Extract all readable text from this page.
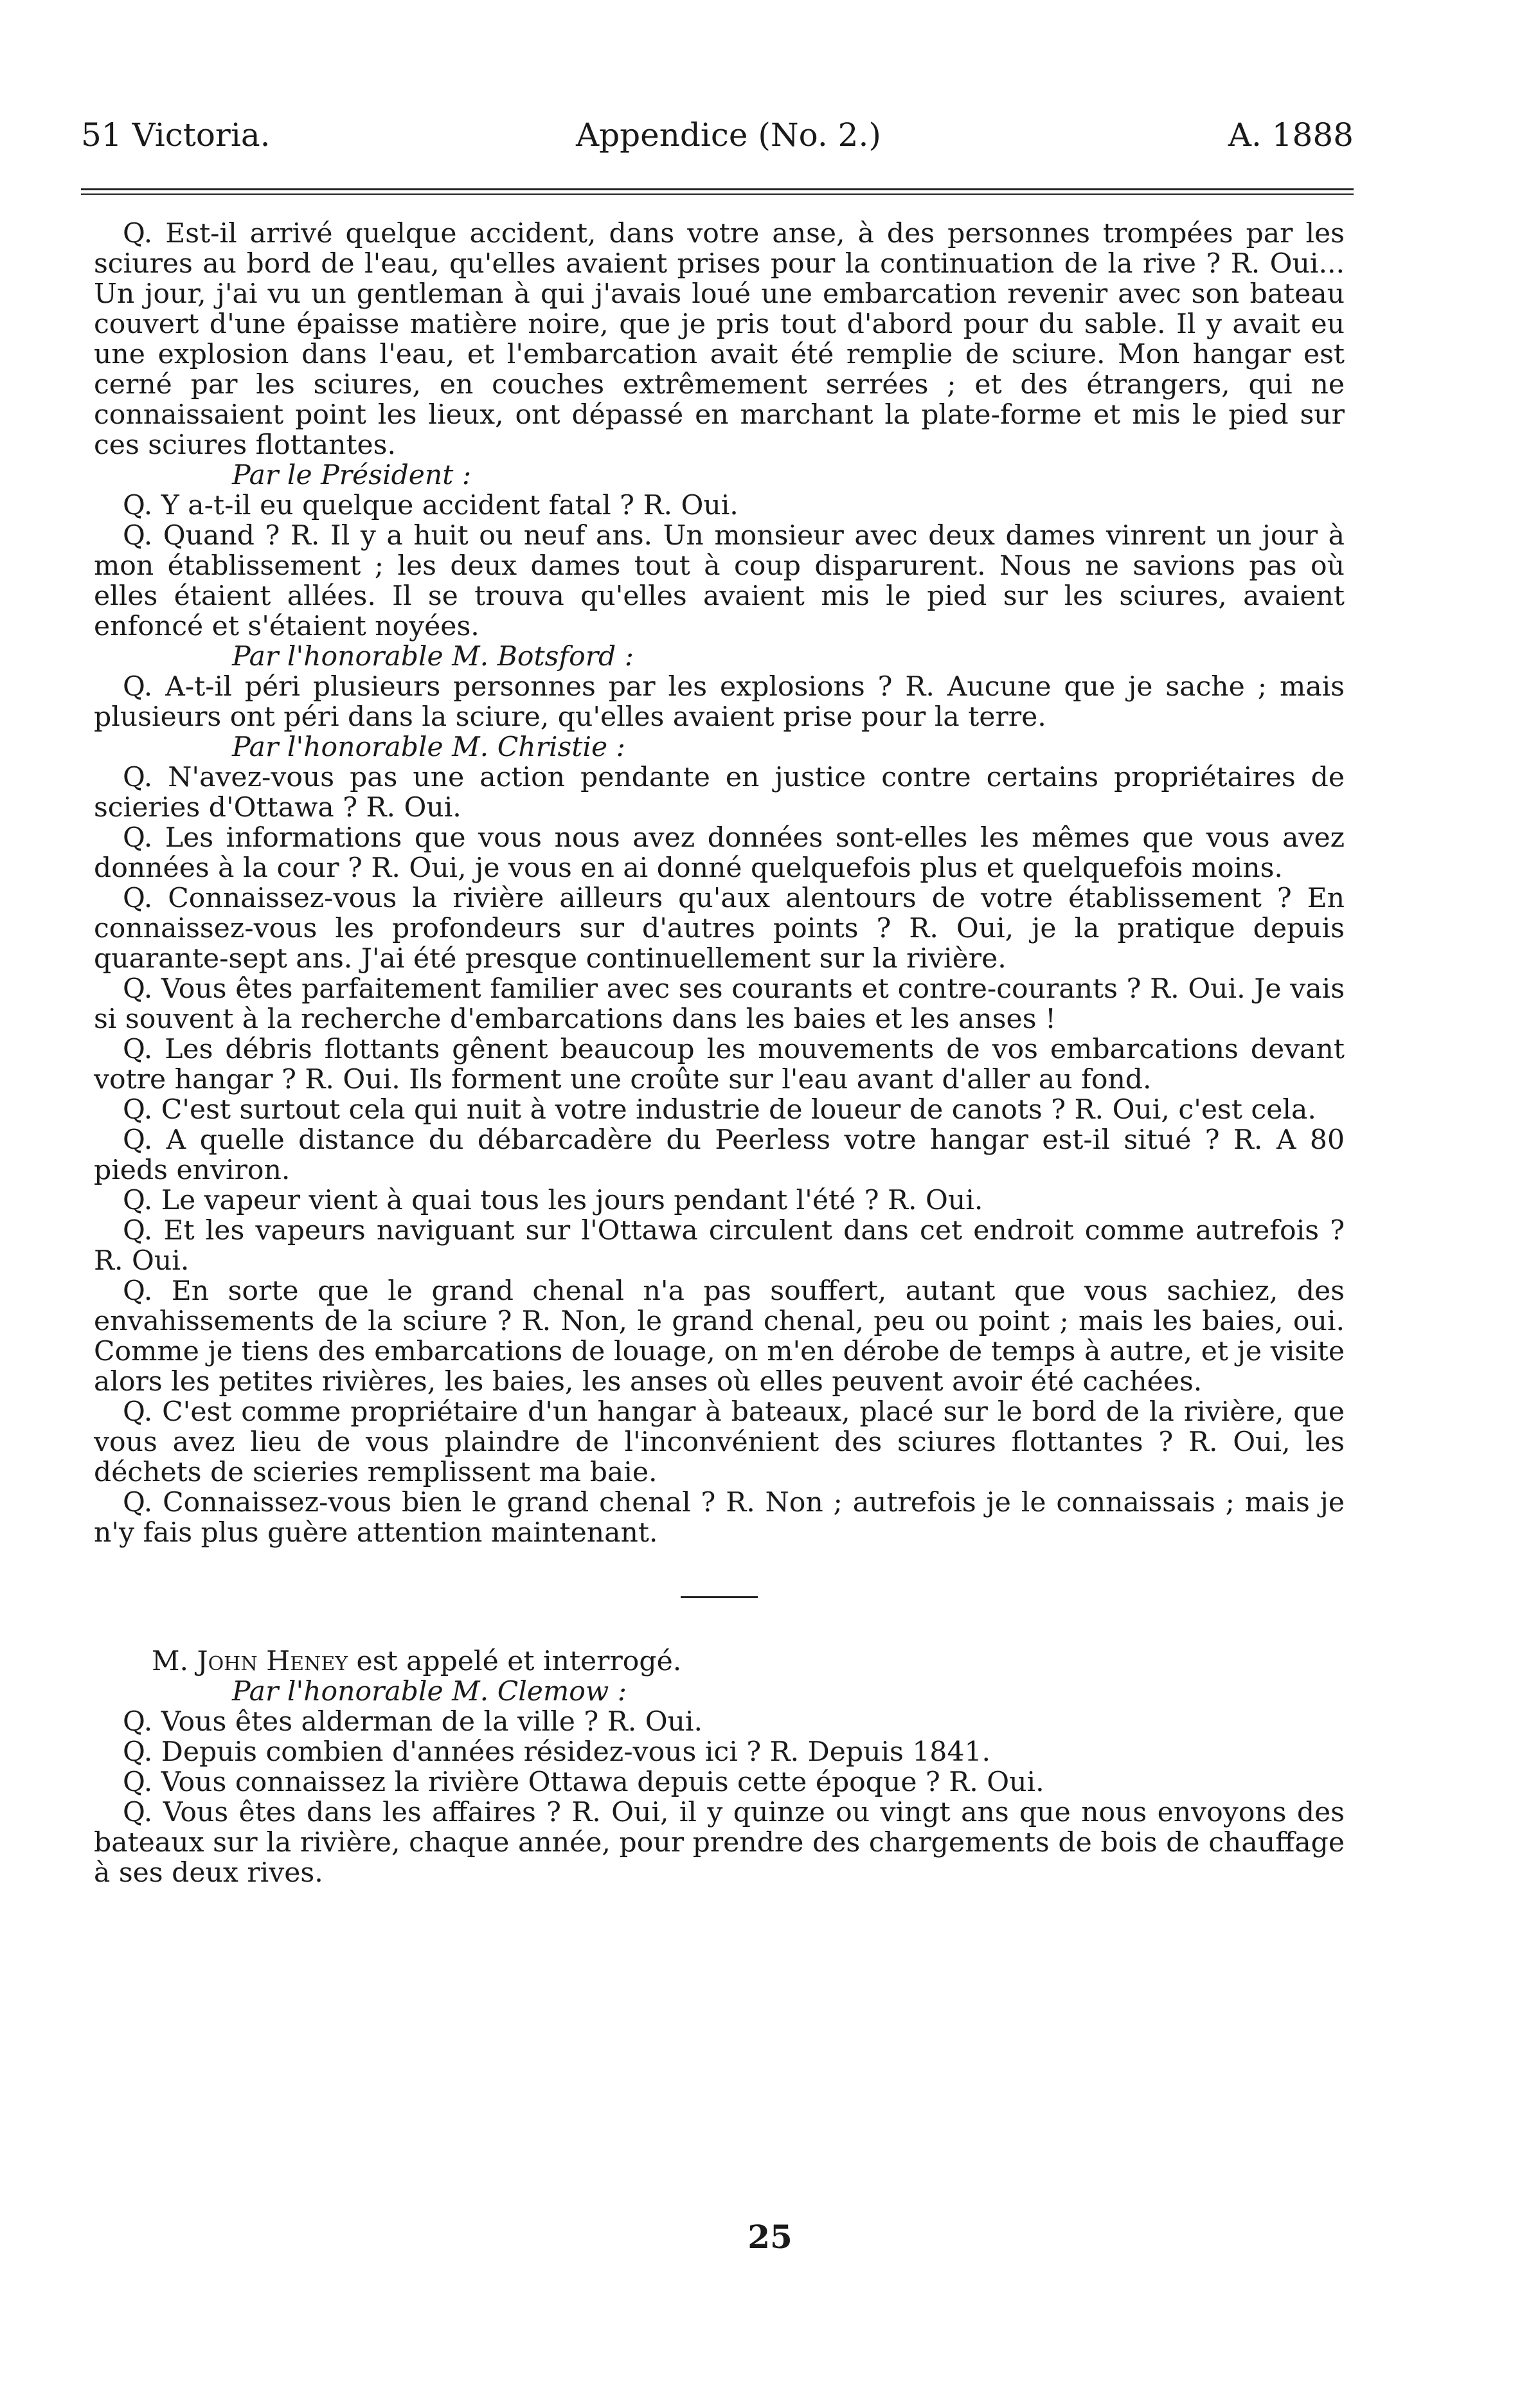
51 Victoria.	Appendice (No. 2.)	A. 1888

Q. Est-il arrivé quelque accident, dans votre anse, à des personnes trompées par les sciures au bord de l'eau, qu'elles avaient prises pour la continuation de la rive ? R. Oui... Un jour, j'ai vu un gentleman à qui j'avais loué une embarcation revenir avec son bateau couvert d'une épaisse matière noire, que je pris tout d'abord pour du sable. Il y avait eu une explosion dans l'eau, et l'embarcation avait été remplie de sciure. Mon hangar est cerné par les sciures, en couches extrêmement serrées ; et des étrangers, qui ne connaissaient point les lieux, ont dépassé en marchant la plate-forme et mis le pied sur ces sciures flottantes.

Par le Président :

Q. Y a-t-il eu quelque accident fatal ? R. Oui.

Q. Quand ? R. Il y a huit ou neuf ans. Un monsieur avec deux dames vinrent un jour à mon établissement ; les deux dames tout à coup disparurent. Nous ne savions pas où elles étaient allées. Il se trouva qu'elles avaient mis le pied sur les sciures, avaient enfoncé et s'étaient noyées.

Par l'honorable M. Botsford :

Q. A-t-il péri plusieurs personnes par les explosions ? R. Aucune que je sache ; mais plusieurs ont péri dans la sciure, qu'elles avaient prise pour la terre.

Par l'honorable M. Christie :

Q. N'avez-vous pas une action pendante en justice contre certains propriétaires de scieries d'Ottawa ? R. Oui.

Q. Les informations que vous nous avez données sont-elles les mêmes que vous avez données à la cour ? R. Oui, je vous en ai donné quelquefois plus et quelquefois moins.

Q. Connaissez-vous la rivière ailleurs qu'aux alentours de votre établissement ? En connaissez-vous les profondeurs sur d'autres points ? R. Oui, je la pratique depuis quarante-sept ans. J'ai été presque continuellement sur la rivière.

Q. Vous êtes parfaitement familier avec ses courants et contre-courants ? R. Oui. Je vais si souvent à la recherche d'embarcations dans les baies et les anses !

Q. Les débris flottants gênent beaucoup les mouvements de vos embarcations devant votre hangar ? R. Oui. Ils forment une croûte sur l'eau avant d'aller au fond.

Q. C'est surtout cela qui nuit à votre industrie de loueur de canots ? R. Oui, c'est cela.

Q. A quelle distance du débarcadère du Peerless votre hangar est-il situé ? R. A 80 pieds environ.

Q. Le vapeur vient à quai tous les jours pendant l'été ? R. Oui.

Q. Et les vapeurs naviguant sur l'Ottawa circulent dans cet endroit comme autrefois ? R. Oui.

Q. En sorte que le grand chenal n'a pas souffert, autant que vous sachiez, des envahissements de la sciure ? R. Non, le grand chenal, peu ou point ; mais les baies, oui. Comme je tiens des embarcations de louage, on m'en dérobe de temps à autre, et je visite alors les petites rivières, les baies, les anses où elles peuvent avoir été cachées.

Q. C'est comme propriétaire d'un hangar à bateaux, placé sur le bord de la rivière, que vous avez lieu de vous plaindre de l'inconvénient des sciures flottantes ? R. Oui, les déchets de scieries remplissent ma baie.

Q. Connaissez-vous bien le grand chenal ? R. Non ; autrefois je le connaissais ; mais je n'y fais plus guère attention maintenant.

M. John Heney est appelé et interrogé.

Par l'honorable M. Clemow :

Q. Vous êtes alderman de la ville ? R. Oui.

Q. Depuis combien d'années résidez-vous ici ? R. Depuis 1841.

Q. Vous connaissez la rivière Ottawa depuis cette époque ? R. Oui.

Q. Vous êtes dans les affaires ? R. Oui, il y quinze ou vingt ans que nous envoyons des bateaux sur la rivière, chaque année, pour prendre des chargements de bois de chauffage à ses deux rives.

25
